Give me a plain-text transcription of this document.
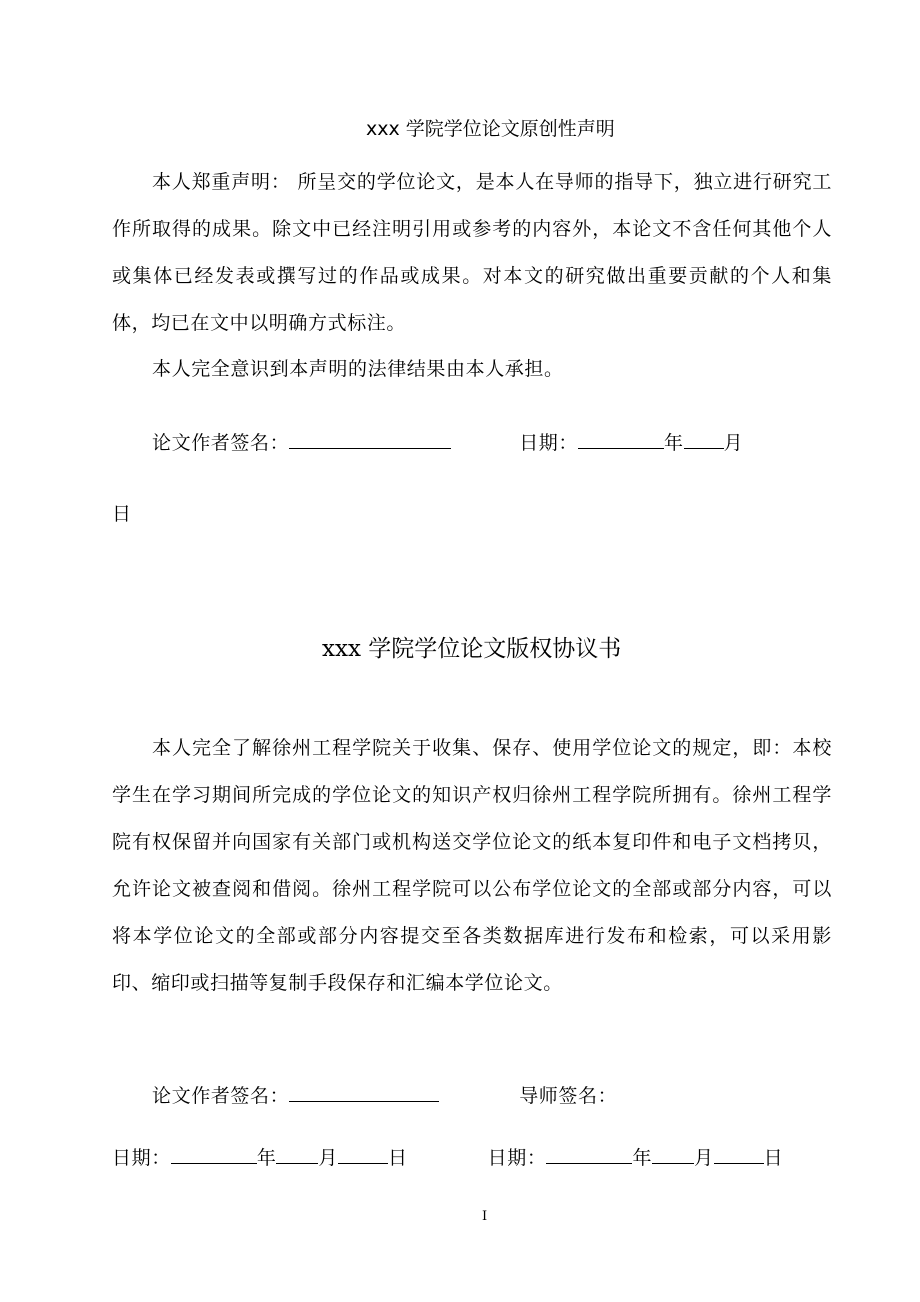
xxx 学院学位论文原创性声明

本人郑重声明： 所呈交的学位论文，是本人在导师的指导下，独立进行研究工作所取得的成果。除文中已经注明引用或参考的内容外，本论文不含任何其他个人或集体已经发表或撰写过的作品或成果。对本文的研究做出重要贡献的个人和集体，均已在文中以明确方式标注。

本人完全意识到本声明的法律结果由本人承担。
论文作者签名：	日期：	年 月
日
xxx 学院学位论文版权协议书

本人完全了解徐州工程学院关于收集、保存、使用学位论文的规定，即：本校学生在学习期间所完成的学位论文的知识产权归徐州工程学院所拥有。徐州工程学院有权保留并向国家有关部门或机构送交学位论文的纸本复印件和电子文档拷贝，允许论文被查阅和借阅。徐州工程学院可以公布学位论文的全部或部分内容，可以将本学位论文的全部或部分内容提交至各类数据库进行发布和检索，可以采用影印、缩印或扫描等复制手段保存和汇编本学位论文。

论文作者签名：	导师签名：
日期：	年 月	日	日期：	年 月	日
I
